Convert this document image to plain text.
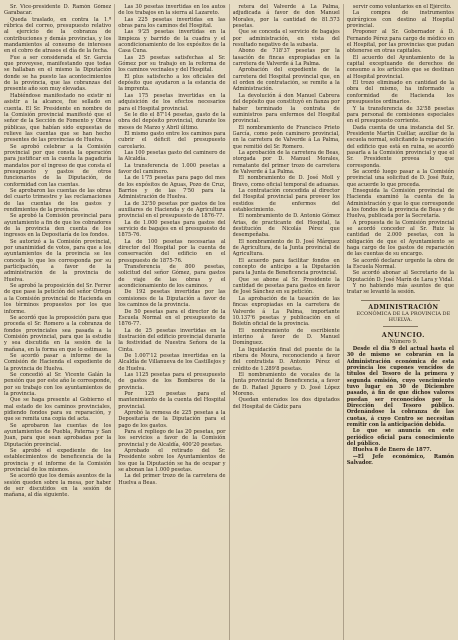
Sr. Vice-presidente D. Ramón Gómez Garabacar.

Queda traslado, en contra la 1.ª rúbrica del correo, presupuesto relativo al ejercicio de la cobranza de contribuciones y demás provincias, y los mandamientos al consumo de intereses en el cobro de atrasos el día de la fecha.

Fue a ser considerada el Sr. Garcia que proveyese, manifestando que todas se hallaban en el mismo la Diputación donde se ha puesto las acontecimientos de la provincia, que las cobranzas del presente año son muy elevadas.

Habiéndose manifestado no existir ni asistir a la alcance, fue sellado en cuenta. El Sr. Presidente en nombre de la Comisión provincial manifestó que el señor de la Sección de Fomento y Obras públicas, que habían sido expuestas de relieve las cuentas que se han hecho presentes de las provincias de Huelva.

Se aprobó celebrar a la Comisión provincial por que consta la operación para justificar en la cuenta la pagaduría mandatos por el ingreso de que consta el presupuesto y gastos de otros funcionarios de la Diputación, de conformidad con las cuentas.

Se aprobaron las cuentas de las obras del cuarto trimestre y las reclamaciones de las cuentas de los gastos y rendimientos de la provincia.

Se aprobó la Comisión provincial para ayuntamiento a fin de que los cobradores de la provincia den cuenta de los ingresos en la Depositaría de los fondos.

Se autorizó a la Comisión provincial, por unanimidad de votos, para que a los ayuntamientos de la provincia se les conceda lo que les corresponda por su participación, a favor de la administración de la provincia de Huelva.

Se aprobó la proposición del Sr. Ferrer de que pase la petición del señor Ortega a la Comisión provincial de Hacienda en los términos propuestos por los que informe.

Se acordó que la proposición para que proceda el Sr. Romero a la cobranza de fondos provinciales sea pasada a la Comisión provincial, para que la estudie y sea discutida en la sesión de la mañana, en la forma en que lo estimase.

Se acordó pasar a informe de la Comisión de Hacienda el expediente de la provincia de Huelva.

Se concedió al Sr. Vicente Galán la pensión que por este año le corresponde, por su trabajo con los ayuntamientos de la provincia.

Que se haga presente al Gobierno el mal estado de los caminos provinciales, pidiendo fondos para su reparación, y que se remita una copia del acta.

Se aprobaron las cuentas de los ayuntamientos de Puebla, Paterna y San Juan, para que sean aprobadas por la Diputación provincial.

Se aprobó el expediente de los establecimientos de beneficencia de la provincia y el informe de la Comisión provincial de los mismos.

Se acordó que los demás asuntos de la sesión queden sobre la mesa, por haber de ser discutidos en la sesión de mañana, al día siguiente.

Las 30 pesetas invertidas en los autos de los trabajos en la sierra al Lazareto.

Las 225 pesetas invertidas en las obras para los caminos del Hospital.

Las 9'25 pesetas invertidas en la limpieza y barrido de la cuadra y el acondicionamiento de los expósitos de la Casa Cuna.

Las 25 pesetas satisfechas al Sr. Gómez por su trabajo en la reforma de los caminos vecinales y del Hospital.

El plus satisfecho a los oficiales del depósito que ayudaron a la estancia de la imprenta.

Las 175 pesetas invertidas en la adquisición de los efectos necesarios para el Hospital provincial.

Se le dio el 87'14 pesetas, gasto de la obra del depósito provincial, durante los meses de Marzo y Abril último.

El mismo gasto entre los caminos para cubrir el déficit del presupuesto carcelario.

Las 100 pesetas gasto del caminero de la Alcaldía.

La transferencia de 1.000 pesetas a favor del caminero.

La de 1'75 pesetas para pago del mes de los expósitos de Aguas, Pozo de Cruz, Barrios y de las 7'50 para la Administración de Huelva.

La de 32'50 pesetas por gastos de los auxiliares de Hacienda y de Agricultura provincial en el presupuesto de 1876-77.

La de 1.000 pesetas para gastos del servicio de bagajes en el presupuesto de 1875-76.

La de 100 pesetas necesarias al director del Hospital por la cuenta de conservación del edificio en el presupuesto de 1875-76.

Transferencia de 800 pesetas, solicitud del señor Gómez, para gastos de viaje de las obras y el acondicionamiento de los caminos.

De 192 pesetas invertidas por las comisiones de la Diputación a favor de los caminos de la provincia.

De 50 pesetas para el director de la Escuela Normal en el presupuesto de 1876-77.

La de 25 pesetas invertidas en la ilustración del edificio provincial durante la festividad de Nuestra Señora de la Cinta.

De 1.007'12 pesetas invertidas en la Alcaldía de Villanueva de los Castillejos y de Huelva.

Las 1125 pesetas para el presupuesto de gastos de los Bomberos de la provincia.

Por 125 pesetas para el mantenimiento de la cuenta del Hospital provincial.

Aprobó la remesa de 225 pesetas a la Depositaría de la Diputación para el pago de los gastos.

Para el repliego de las 20 pesetas, por los servicios a favor de la Comisión provincial y de Alcaldía, 400'20 pesetas.

Aprobado el retirado del Sr. Presidente sobre los Ayuntamientos de los que la Diputación se ha de ocupar y se abonan las 1.000 pesetas.

La del primer trozo de la carretera de Huelva a Beas.

retera del Valverde á La Palma, adjudicada á favor de don Manuel Morales, por la cantidad de 81.573 pesetas.

Que se conceda el servicio de bagajes por administración, en vista del resultado negativo de la subasta.

Abono de 718'37 pesetas por la tasación de fincas expropiadas en la carretera de Valverde á La Palma.

Aprobación del expediente de la carretera del Hospital provincial que, en el orden de contratación, se remite a la Administración.

La devolución á don Manuel Cabrera del depósito que constituyó en fianza por haber terminado la contrata de suministros para enfermos del Hospital provincial.

El nombramiento de Francisco Prieto García, como peón caminero provincial, en la carretera de Valverde á La Palma, que remitió del Sr. Romero.

La aprobación de la carretera de Beas, otorgada por D. Manuel Morales, rematante del primer trozo de carretera de Valverde á La Palma.

El nombramiento de D. José Moll y Bravo, como oficial temporal de aduanas.

La contratación concedida al director del Hospital provincial para proveer los vestidos de enfermos del establecimiento.

El nombramiento de D. Antonio Gómez Arias, de practicante del Hospital, la destitución de Nicolás Pérez que desempeñaba.

El nombramiento de D. José Márquez de Agricultura, de la Junta provincial de Agricultura.

El acuerdo para facilitar fondos en concepto de anticipo a la Diputación para la Junta de Beneficencia provincial.

Que se abone al Sr. Presidente la cantidad de pesetas para gastos en favor de José Sánchez en su petición.

La aprobación de la tasación de las fincas expropiadas en la carretera de Valverde á La Palma, importante 10.137'6 pesetas y publicación en el Boletín oficial de la provincia.

El nombramiento de escribiente interino á favor de D. Manuel Domínguez.

La liquidación final del puente de la ribera de Moura, reconociendo a favor del contratista D. Antonio Pérez el crédito de 1.289'8 pesetas.

El nombramiento de vocales de la Junta provincial de Beneficencia, a favor de D. Rafael Jiguero y D. José López Moreno.

Quedan enterados los dos diputados del Hospital de Cádiz para

servir como voluntarios en el Ejército.

La compra de instrumentos quirúrgicos con destino al Hospital provincial.

Proponer al Sr. Gobernador á D. Fernando Pérez para cargo de médico en el Hospital, por las provincias que pudan obtenerse en otras capitales.

El acuerdo del Ayuntamiento de la capital exceptuando de derechos de consumo a los artículos que se destinan al Hospital provincial.

El trozo eliminado en cantidad de la obra del mismo, ha informado a conformidad de Hacienda los presupuestos ordinarios.

Y la transferencia de 32'58 pesetas para personal de comisiones especiales en el presupuesto corriente.

Dada cuenta de una instancia del Sr. Presidente Martín Cuéllar, auxiliar de la escuela normal, solicitando la reparación del edificio que está en ruina, se acordó pasarla a la Comisión provincial y que el Sr. Presidente provea lo que corresponda.

Se acordó luego pasar a la Comisión provincial una solicitud de D. José Ruiz, que acuerde lo que proceda.

Enseguida la Comisión provincial de Hacienda examinó la cuenta de la Administración y que lo que corresponde a los fondos de la provincia de Beas y de Huelva, publicada por la Secretaría.

A propuesta de la Comisión provincial se acordó conceder al Sr. Ruiz la cantidad de 2.000 pesetas, con la obligación de que el Ayuntamiento se haga cargo de los gastos de reparación de las cuentas de su encargo.

Se acordó declarar urgente la obra de la Escuela Normal.

Se acordó abonar al Secretario de la Diputación D. José Marín de Lara y Vidal.

Y no habiendo más asuntos de que tratar se levantó la sesión.

ADMINISTRACIÓN

ECONÓMICA DE LA PROVINCIA DE HUELVA.

ANUNCIO.

Número 9.

Desde el dia 9 del actual hasta el 30 de mismo se cobrarán en la Administración económica de esta provincia los cupones vencidos de títulos del Tesoro de la primera y segunda emisión, cuyo vencimiento tuvo lugar en 30 de Diciembre pasado, á fin de que dichos valores puedan ser reconocidos por la Dirección del Tesoro público. Ordenándose la cobranza de las cuotas, á cuyo Centro se necesitan remitir con la anticipación debida.

Lo que se anuncia en este periódico oficial para conocimiento del público.

Huelva 8 de Enero de 1877.

—El Jefe económico, Ramón Salvador.
